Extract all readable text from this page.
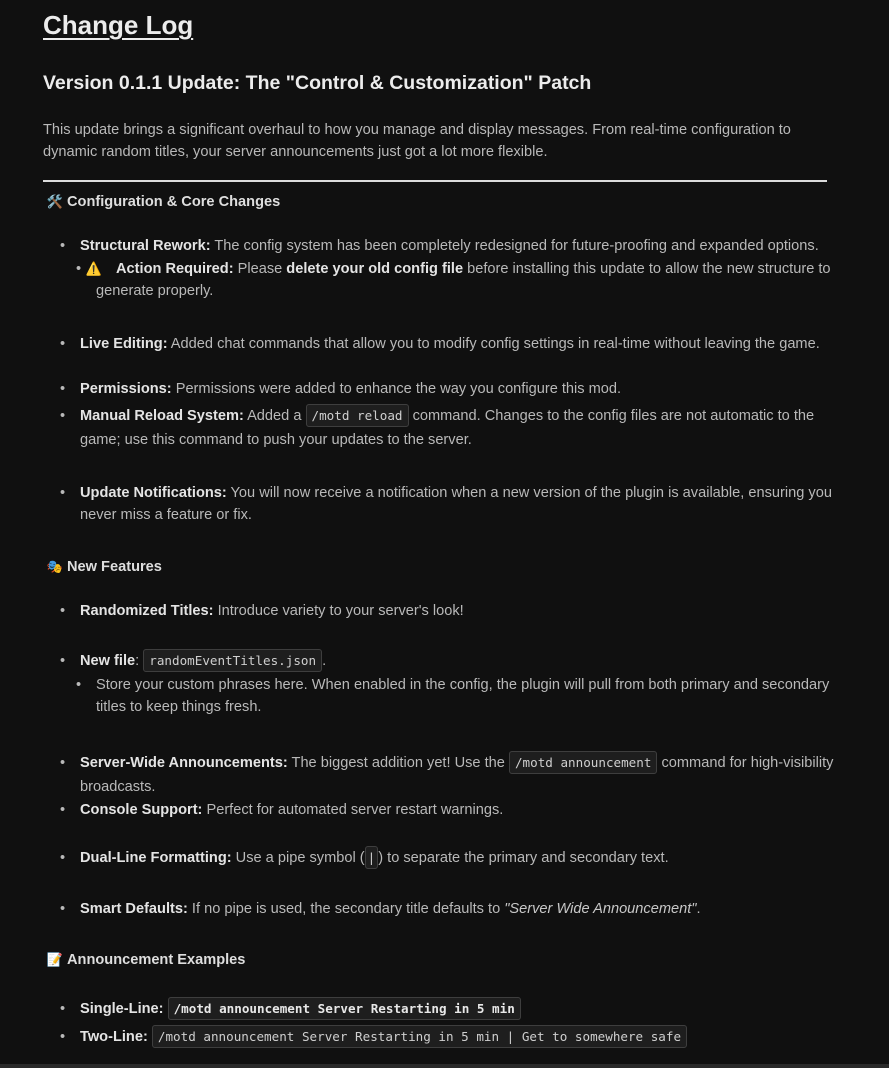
Change Log
Version 0.1.1 Update: The "Control & Customization" Patch

This update brings a significant overhaul to how you manage and display messages. From real-time configuration to dynamic random titles, your server announcements just got a lot more flexible.

🛠️ Configuration & Core Changes

• Structural Rework: The config system has been completely redesigned for future-proofing and expanded options.

• ⚠️ Action Required: Please delete your old config file before installing this update to allow the new structure to generate properly.

• Live Editing: Added chat commands that allow you to modify config settings in real-time without leaving the game.

• Permissions: Permissions were added to enhance the way you configure this mod.

• Manual Reload System: Added a /motd reload command. Changes to the config files are not automatic to the game; use this command to push your updates to the server.

• Update Notifications: You will now receive a notification when a new version of the plugin is available, ensuring you never miss a feature or fix.

🎭 New Features

• Randomized Titles: Introduce variety to your server's look!

• New file: randomEventTitles.json .

• Store your custom phrases here. When enabled in the config, the plugin will pull from both primary and secondary titles to keep things fresh.

• Server-Wide Announcements: The biggest addition yet! Use the /motd announcement command for high-visibility broadcasts.

• Console Support: Perfect for automated server restart warnings.

• Dual-Line Formatting: Use a pipe symbol ( | ) to separate the primary and secondary text.

• Smart Defaults: If no pipe is used, the secondary title defaults to "Server Wide Announcement".

📝 Announcement Examples

• Single-Line: /motd announcement Server Restarting in 5 min

• Two-Line: /motd announcement Server Restarting in 5 min | Get to somewhere safe
